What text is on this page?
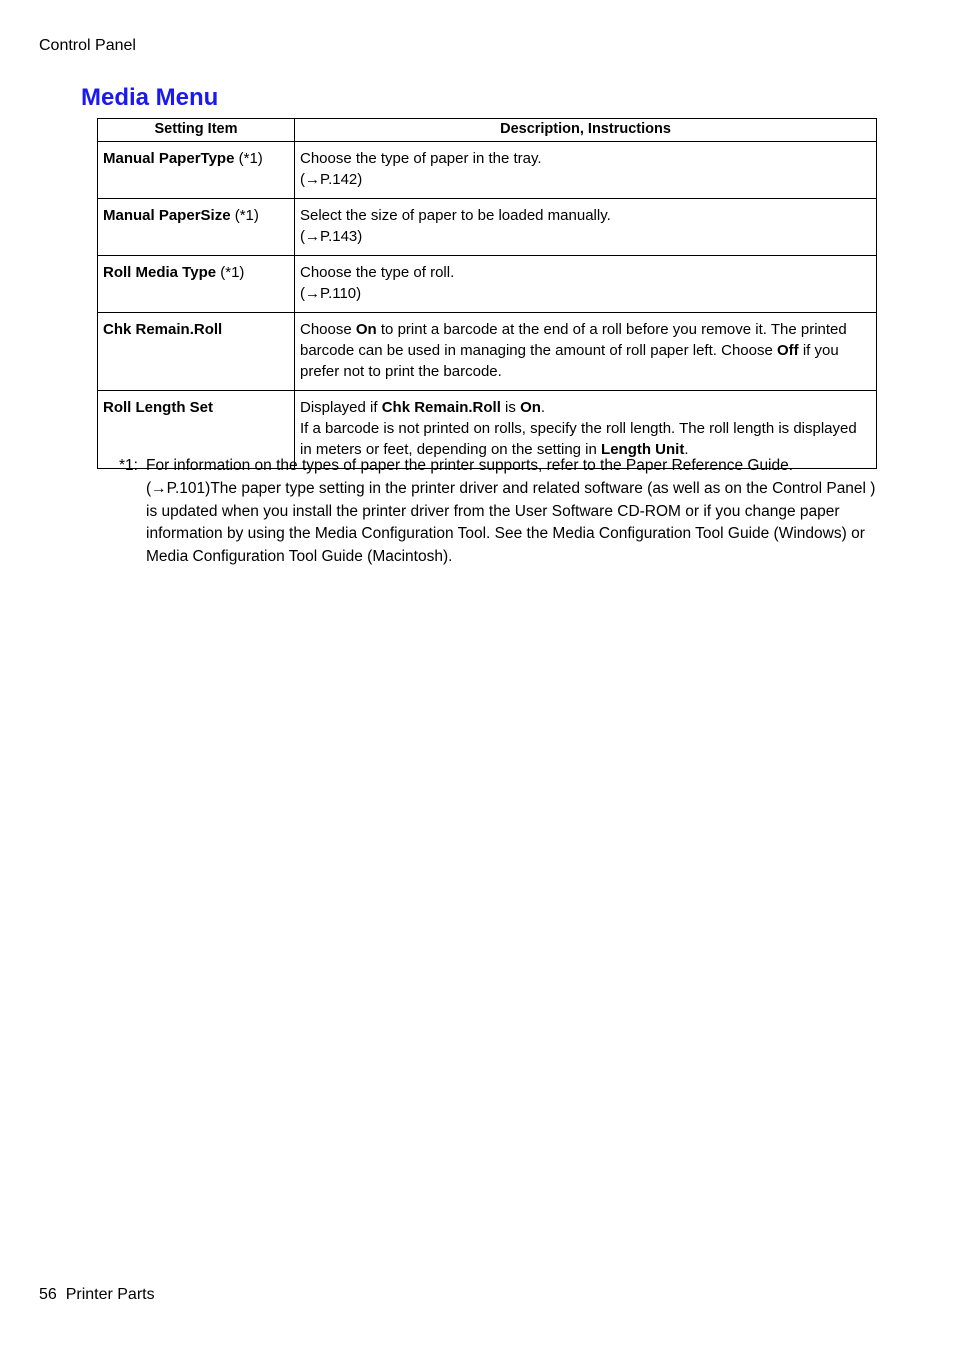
Control Panel
Media Menu
Setting Item	Description, Instructions
Manual PaperType (*1)	Choose the type of paper in the tray.
(→P.142)

Manual PaperSize (*1)	Select the size of paper to be loaded manually.
(→P.143)

Roll Media Type (*1)	Choose the type of roll.
(→P.110)

Chk Remain.Roll	Choose On to print a barcode at the end of a roll before you remove it. The printed barcode can be used in managing the amount of roll paper left. Choose Off if you prefer not to print the barcode.
Roll Length Set	Displayed if Chk Remain.Roll is On.
If a barcode is not printed on rolls, specify the roll length. The roll length is displayed in meters or feet, depending on the setting in Length Unit.
*1: For information on the types of paper the printer supports, refer to the Paper Reference Guide. (→P.101)The paper type setting in the printer driver and related software (as well as on the Control Panel ) is updated when you install the printer driver from the User Software CD-ROM or if you change paper information by using the Media Configuration Tool. See the Media Configuration Tool Guide (Windows) or Media Configuration Tool Guide (Macintosh).
56 Printer Parts
